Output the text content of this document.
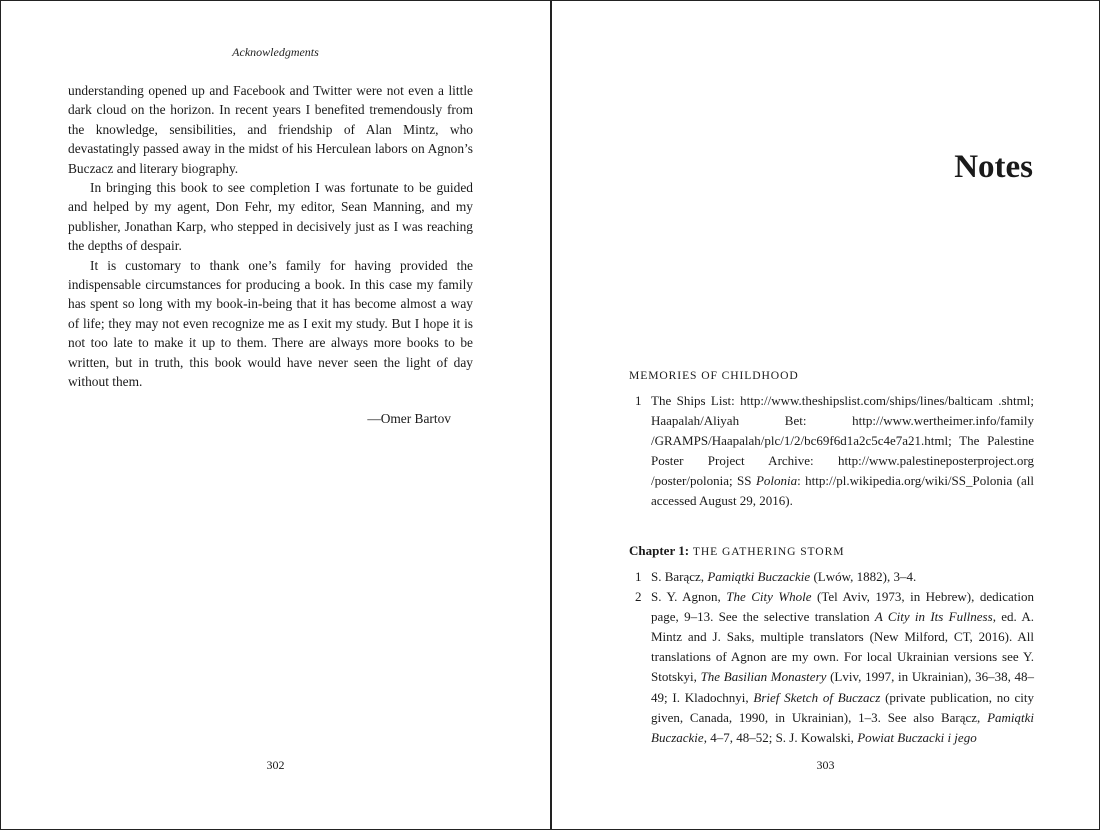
Acknowledgments

understanding opened up and Facebook and Twitter were not even a little dark cloud on the horizon. In recent years I benefited tremendously from the knowledge, sensibilities, and friendship of Alan Mintz, who devastatingly passed away in the midst of his Herculean labors on Agnon’s Buczacz and literary biography.

In bringing this book to see completion I was fortunate to be guided and helped by my agent, Don Fehr, my editor, Sean Manning, and my publisher, Jonathan Karp, who stepped in decisively just as I was reaching the depths of despair.

It is customary to thank one’s family for having provided the indispensable circumstances for producing a book. In this case my family has spent so long with my book-in-being that it has become almost a way of life; they may not even recognize me as I exit my study. But I hope it is not too late to make it up to them. There are always more books to be written, but in truth, this book would have never seen the light of day without them.

—Omer Bartov
302
Notes
MEMORIES OF CHILDHOOD
1 The Ships List: http://www.theshipslist.com/ships/lines/balticam .shtml; Haapalah/Aliyah Bet: http://www.wertheimer.info/family /GRAMPS/Haapalah/plc/1/2/bc69f6d1a2c5c4e7a21.html; The Palestine Poster Project Archive: http://www.palestineposterproject.org /poster/polonia; SS Polonia: http://pl.wikipedia.org/wiki/SS_Polonia (all accessed August 29, 2016).
Chapter 1: THE GATHERING STORM
1 S. Barącz, Pamiątki Buczackie (Lwów, 1882), 3–4.
2 S. Y. Agnon, The City Whole (Tel Aviv, 1973, in Hebrew), dedication page, 9–13. See the selective translation A City in Its Fullness, ed. A. Mintz and J. Saks, multiple translators (New Milford, CT, 2016). All translations of Agnon are my own. For local Ukrainian versions see Y. Stotskyi, The Basilian Monastery (Lviv, 1997, in Ukrainian), 36–38, 48–49; I. Kladochnyi, Brief Sketch of Buczacz (private publication, no city given, Canada, 1990, in Ukrainian), 1–3. See also Barącz, Pamiątki Buczackie, 4–7, 48–52; S. J. Kowalski, Powiat Buczacki i jego
303
